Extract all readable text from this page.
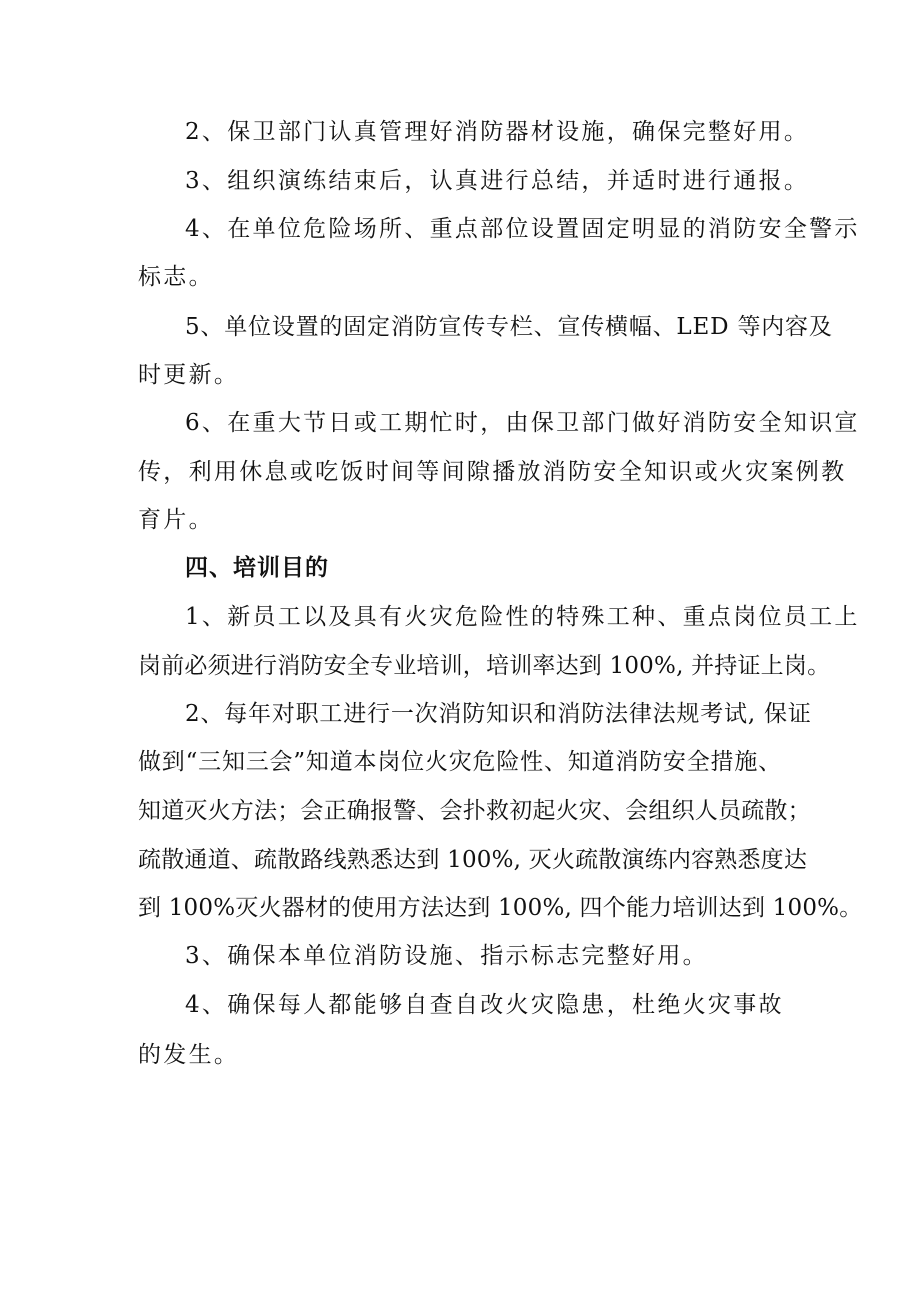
2、保卫部门认真管理好消防器材设施，确保完整好用。
3、组织演练结束后，认真进行总结，并适时进行通报。
4、在单位危险场所、重点部位设置固定明显的消防安全警示
标志。
5、单位设置的固定消防宣传专栏、宣传横幅、LED 等内容及
时更新。
6、在重大节日或工期忙时，由保卫部门做好消防安全知识宣
传，利用休息或吃饭时间等间隙播放消防安全知识或火灾案例教
育片。
四、培训目的
1、新员工以及具有火灾危险性的特殊工种、重点岗位员工上
岗前必须进行消防安全专业培训，培训率达到 100%, 并持证上岗。
2、每年对职工进行一次消防知识和消防法律法规考试, 保证
做到“三知三会”知道本岗位火灾危险性、知道消防安全措施、
知道灭火方法；会正确报警、会扑救初起火灾、会组织人员疏散；
疏散通道、疏散路线熟悉达到 100%, 灭火疏散演练内容熟悉度达
到 100%灭火器材的使用方法达到 100%, 四个能力培训达到 100%。
3、确保本单位消防设施、指示标志完整好用。
4、确保每人都能够自查自改火灾隐患，杜绝火灾事故
的发生。
